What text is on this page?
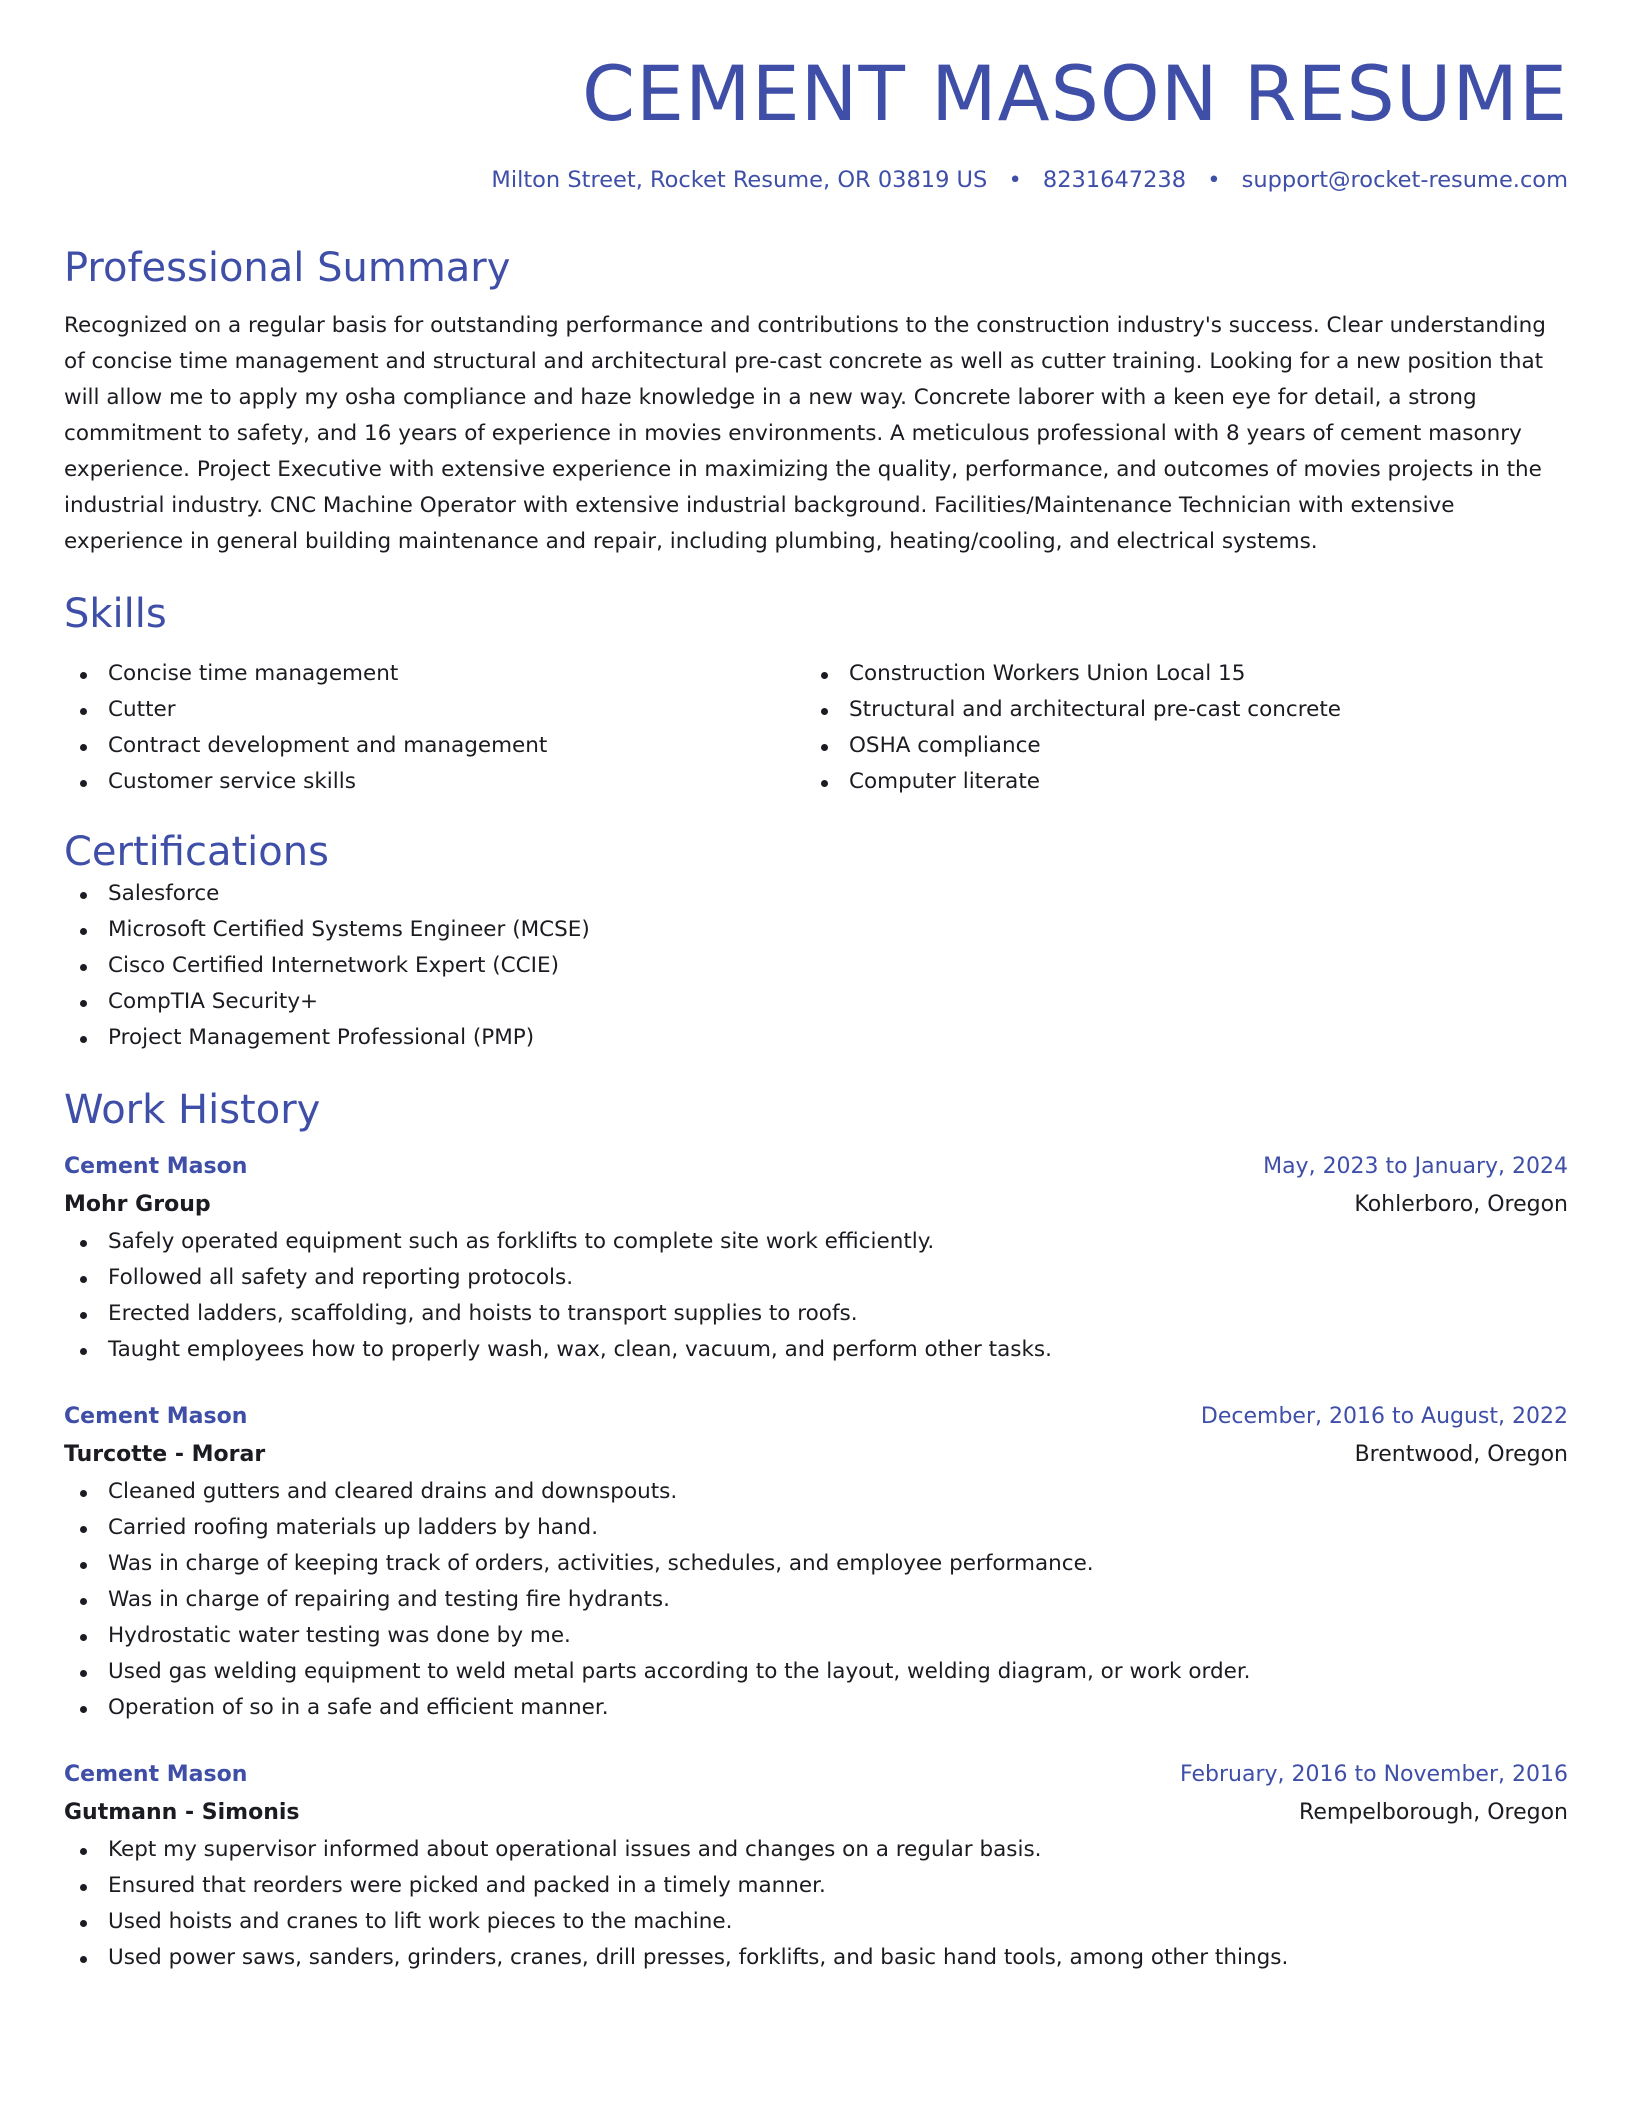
CEMENT MASON RESUME
Milton Street, Rocket Resume, OR 03819 US • 8231647238 • support@rocket-resume.com
Professional Summary
Recognized on a regular basis for outstanding performance and contributions to the construction industry's success. Clear understanding of concise time management and structural and architectural pre-cast concrete as well as cutter training. Looking for a new position that will allow me to apply my osha compliance and haze knowledge in a new way. Concrete laborer with a keen eye for detail, a strong commitment to safety, and 16 years of experience in movies environments. A meticulous professional with 8 years of cement masonry experience. Project Executive with extensive experience in maximizing the quality, performance, and outcomes of movies projects in the industrial industry. CNC Machine Operator with extensive industrial background. Facilities/Maintenance Technician with extensive experience in general building maintenance and repair, including plumbing, heating/cooling, and electrical systems.
Skills
Concise time management
Cutter
Contract development and management
Customer service skills
Construction Workers Union Local 15
Structural and architectural pre-cast concrete
OSHA compliance
Computer literate
Certifications
Salesforce
Microsoft Certified Systems Engineer (MCSE)
Cisco Certified Internetwork Expert (CCIE)
CompTIA Security+
Project Management Professional (PMP)
Work History
Cement Mason	May, 2023 to January, 2024
Mohr Group	Kohlerboro, Oregon
Safely operated equipment such as forklifts to complete site work efficiently.
Followed all safety and reporting protocols.
Erected ladders, scaffolding, and hoists to transport supplies to roofs.
Taught employees how to properly wash, wax, clean, vacuum, and perform other tasks.
Cement Mason	December, 2016 to August, 2022
Turcotte - Morar	Brentwood, Oregon
Cleaned gutters and cleared drains and downspouts.
Carried roofing materials up ladders by hand.
Was in charge of keeping track of orders, activities, schedules, and employee performance.
Was in charge of repairing and testing fire hydrants.
Hydrostatic water testing was done by me.
Used gas welding equipment to weld metal parts according to the layout, welding diagram, or work order.
Operation of so in a safe and efficient manner.
Cement Mason	February, 2016 to November, 2016
Gutmann - Simonis	Rempelborough, Oregon
Kept my supervisor informed about operational issues and changes on a regular basis.
Ensured that reorders were picked and packed in a timely manner.
Used hoists and cranes to lift work pieces to the machine.
Used power saws, sanders, grinders, cranes, drill presses, forklifts, and basic hand tools, among other things.
